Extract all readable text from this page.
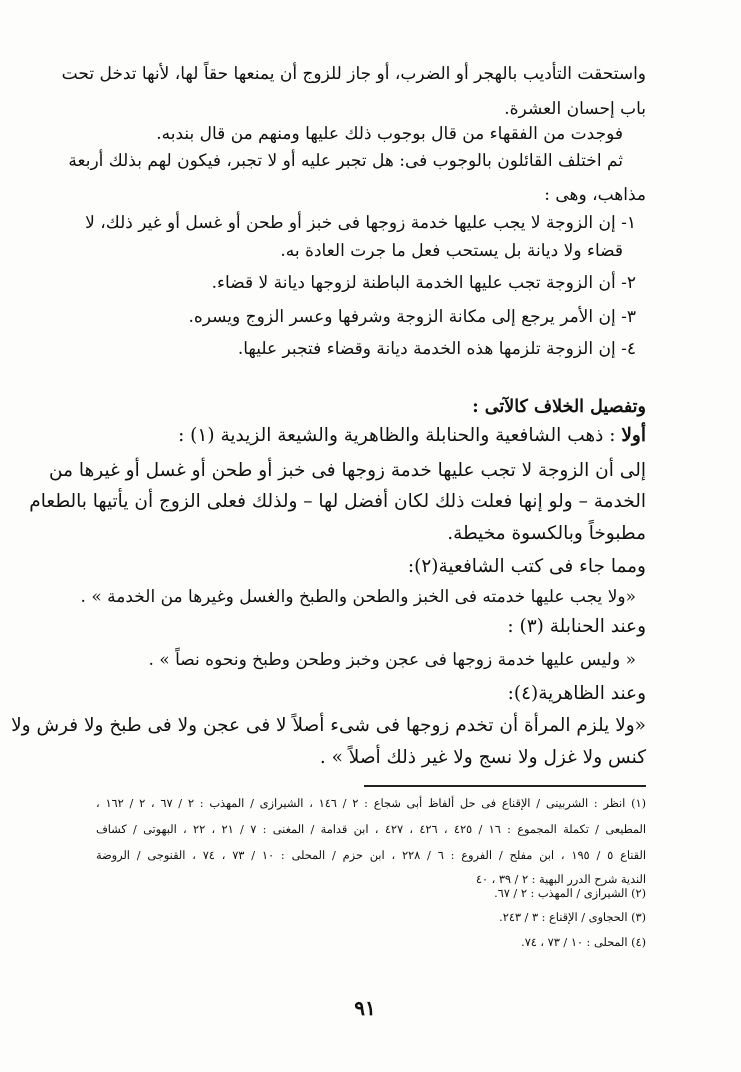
واستحقت التأديب بالهجر أو الضرب، أو جاز للزوج أن يمنعها حقاً لها، لأنها تدخل تحت
باب إحسان العشرة.
فوجدت من الفقهاء من قال بوجوب ذلك عليها ومنهم من قال بندبه.
ثم اختلف القائلون بالوجوب فى: هل تجبر عليه أو لا تجبر، فيكون لهم بذلك أربعة
مذاهب، وهى :
١- إن الزوجة لا يجب عليها خدمة زوجها فى خبز أو طحن أو غسل أو غير ذلك، لا
قضاء ولا ديانة بل يستحب فعل ما جرت العادة به.
٢- أن الزوجة تجب عليها الخدمة الباطنة لزوجها ديانة لا قضاء.
٣- إن الأمر يرجع إلى مكانة الزوجة وشرفها وعسر الزوج ويسره.
٤- إن الزوجة تلزمها هذه الخدمة ديانة وقضاء فتجبر عليها.
وتفصيل الخلاف كالآتى :
أولا : ذهب الشافعية والحنابلة والظاهرية والشيعة الزيدية (١) :
إلى أن الزوجة لا تجب عليها خدمة زوجها فى خبز أو طحن أو غسل أو غيرها من
الخدمة – ولو إنها فعلت ذلك لكان أفضل لها – ولذلك فعلى الزوج أن يأتيها بالطعام
مطبوخاً وبالكسوة مخيطة.
ومما جاء فى كتب الشافعية(٢):
«ولا يجب عليها خدمته فى الخبز والطحن والطبخ والغسل وغيرها من الخدمة » .
وعند الحنابلة (٣) :
« وليس عليها خدمة زوجها فى عجن وخبز وطحن وطبخ ونحوه نصاً » .
وعند الظاهرية(٤):
«ولا يلزم المرأة أن تخدم زوجها فى شىء أصلاً لا فى عجن ولا فى طبخ ولا فرش ولا
كنس ولا غزل ولا نسج ولا غير ذلك أصلاً » .
(١) انظر : الشربينى / الإقناع فى حل ألفاظ أبى شجاع : ٢ / ١٤٦ ، الشيرازى / المهذب : ٢ / ٦٧ ، ٢ / ١٦٢ ،
المطيعى / تكملة المجموع : ١٦ / ٤٢٥ ، ٤٢٦ ، ٤٢٧ ، ابن قدامة / المغنى : ٧ / ٢١ ، ٢٢ ، البهوتى / كشاف
القناع ٥ / ١٩٥ ، ابن مفلح / الفروع : ٦ / ٢٢٨ ، ابن حزم / المحلى : ١٠ / ٧٣ ، ٧٤ ، القنوجى / الروضة
الندية شرح الدرر البهية : ٢ / ٣٩ ، ٤٠
(٢) الشيرازى / المهذب : ٢ / ٦٧.
(٣) الحجاوى / الإقناع : ٣ / ٢٤٣.
(٤) المحلى : ١٠ / ٧٣ ، ٧٤.
٩١
